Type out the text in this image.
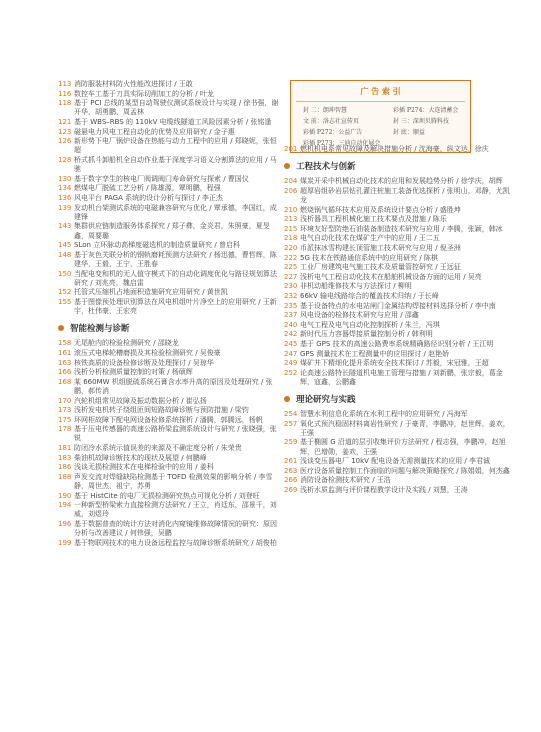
113 消防服装材料防火性能改进探讨 / 王敢
116 数控车工基于刀具实际切削加工的分析 / 叶龙
118 基于 PCI 总线的某型自动驾驶仪测试系统设计与实现 / 徐书强，谢开华，胡勇鹏，周孟林
121 基于 WBS–RBS 的 110kV 电缆线隧道工风险因素分析 / 张铭逢
123 磁悬电力风电工程自动化的优势及应用研究 / 金子惠
126 新形势下电厂锅炉设备在热能与动力工程中的应用 / 郑晓妮，张恒超
128 桥式抓斗卸船机全自动作业基于深度学习语义分割算法的应用 / 马驰
130 基于数字孪生的核电厂阀调阀门寿命研究与探索 / 曹国仪
134 燃煤电厂脱硫工艺分析 / 陈雄源，覃明鹏，程强
136 风电平台 PAGA 系统的设计分析与探讨 / 李正杰
139 发动机台架测试系统的电磁兼容研究与优化 / 覃承德，李国红，成建锋
143 集群供应链制造服务体系探究 / 郑子彝，金炎君，朱照豪，夏旻鑫，周要璐
145 SLon 立环脉动高梯度磁选机的制造质量研究 / 曾启科
148 基于灰色关联分析的钢轨磨耗预测方法研究 / 杨迅德，曹哲辉，陈建华，王毅，王宁，王胜春
150 当配电变和机的无人值守模式下的自动化调度优化与路径规划算法研究 / 刘兆亮，魏启雷
152 托管式压缩机占地面积造施研究应用研究 / 黄世凯
155 基于图像预处理识别算法在风电机组叶片净空上的应用研究 / 王新宇，杜伟豪，王宏亮
智能检测与诊断
158 无尾舱内的检验检测研究 / 邵晓龙
161 滚压式电梯轮槽磨损及其检验检测研究 / 吴俊豪
163 核铁高质的设备检修诊断及处理探讨 / 吴琼华
166 浅析分析检测质量控制的对策 / 杨硕辉
168 某 660MW 机组脱硫系统石膏含水率升高的原因及处理研究 / 张鹏，郝传消
170 汽轮机组常见故障及振动数据分析 / 崔弘扬
173 浅析发电机转子绕组匝间短路故障诊断与预防措施 / 梁钧
175 环网柜故障下配电网设备检修系统探析 / 潘腾，郭腾远，杨帆
178 基于压电传感器的高速公路桥梁监测系统设计与研究 / 张晓强，张锐
181 防闭冷水系统示值误差的来源及不确定度分析 / 朱荣贵
183 柴油机故障诊断技术的现状及展望 / 何鹏峰
186 浅谈无损检测技术在电梯检验中的应用 / 姜科
188 声发交流对焊缝缺陷检测基于 TOFD 检测效果的影响分析 / 李雪静，周世杰，祖宁，苏勇
190 基于 HistCite 的电厂无损检测研究热点可视化分析 / 刘登旺
194 一种新型桥梁索力直接检测方法研究 / 王立，肖廷东，邵景千，刘威，刘煜玲
196 基于数据普查的统计方法对消化内窥镜维修故障情况的研究：原因分析与改善建议 / 何伟强，吴鹏
199 基于物联网技术的电力设备远程监控与故障诊断系统研究 / 胡俊柏
广 告 索 引
封 二：朗坤智慧	彩插 P274：大连清蓄会
文 前：洛志社宣传页	封 三：深圳贝腾科技
彩插 P272：公益广告	封 底：顺益
彩插 P273：三迪自动化展会
201 燃机机电系常见故障及解决措施分析 / 沈海豪，纵文达，徐庆
工程技术与创新
204 煤炭开采中机械自动化技术的应用和发展趋势分析 / 徐学庆，胡辉
206 超厚岩组砂岩层钻孔灌注桩施工装备优选探析 / 张明山，邓静，尤凯龙
210 燃烧锅气循环技术应用及系统设计要点分析 / 盛胜坤
213 浅析器具工程机械化施工技术要点及措施 / 陈乐
215 环境友好型防绝石油装备制造技术研究与应用 / 李腾，张颖，韩冰
218 电气自动化技术在煤矿生产中的应用 / 王二五
220 币派抹冰雪构建长顶管施工技术研究与应用 / 倪圣洲
222 5G 技术在铁路通信系统中的应用研究 / 陈棋
225 工业厂房建筑电气施工技术及质量管控研究 / 王远征
227 浅析电气工程自动化技术在船舶机械设备方面的运用 / 吴亮
230 非机动船维修技术与方法探讨 / 柳明
232 66kV 输电线路综合的覆盖技术归纳 / 于长峰
235 基于设备特点的水电站闸门金属结构焊接材料选择分析 / 李中南
237 风电设备的检修技术研究与应用 / 邵鑫
240 电气工程及电气自动化控制探析 / 朱兰，冯琪
242 新时代压力容器焊接质量控制分析 / 韩利明
245 基于 GPS 技术的高速公路费率系统精确路径识别分析 / 王江明
247 GPS 测量技术在工程测量中的应用探讨 / 赵艳娇
249 煤矿井下精细化提升系统安全技术探讨 / 苏毅，宋冠雅，王超
252 论高速公路特长隧道机电施工管理与措施 / 刘新鹏，张宗毅，葛金辉，寇鑫，公鹏鑫
理论研究与实践
254 智慧水利信息化系统在水利工程中的应用研究 / 冯海军
257 氧化式预汽稳固材料离岩性研究 / 于豪青，李鹏冲，赵世辉，姜欢，王强
259 基于椭圆 G 沿道的层引收集评价方法研究 / 程志强，李鹏冲，赵旭辉，巴增勋，姜欢，王强
261 浅谈变压器电厂 10kV 配电设备无需测量技术的应用 / 李君诚
263 医疗设备质量控制工作面临的问题与解决策略探究 / 陈娟娟，何杰鑫
266 消防设备检测技术研究 / 王浩
269 浅析水质监测与评价课程教学设计及实践 / 刘慧，王涛
